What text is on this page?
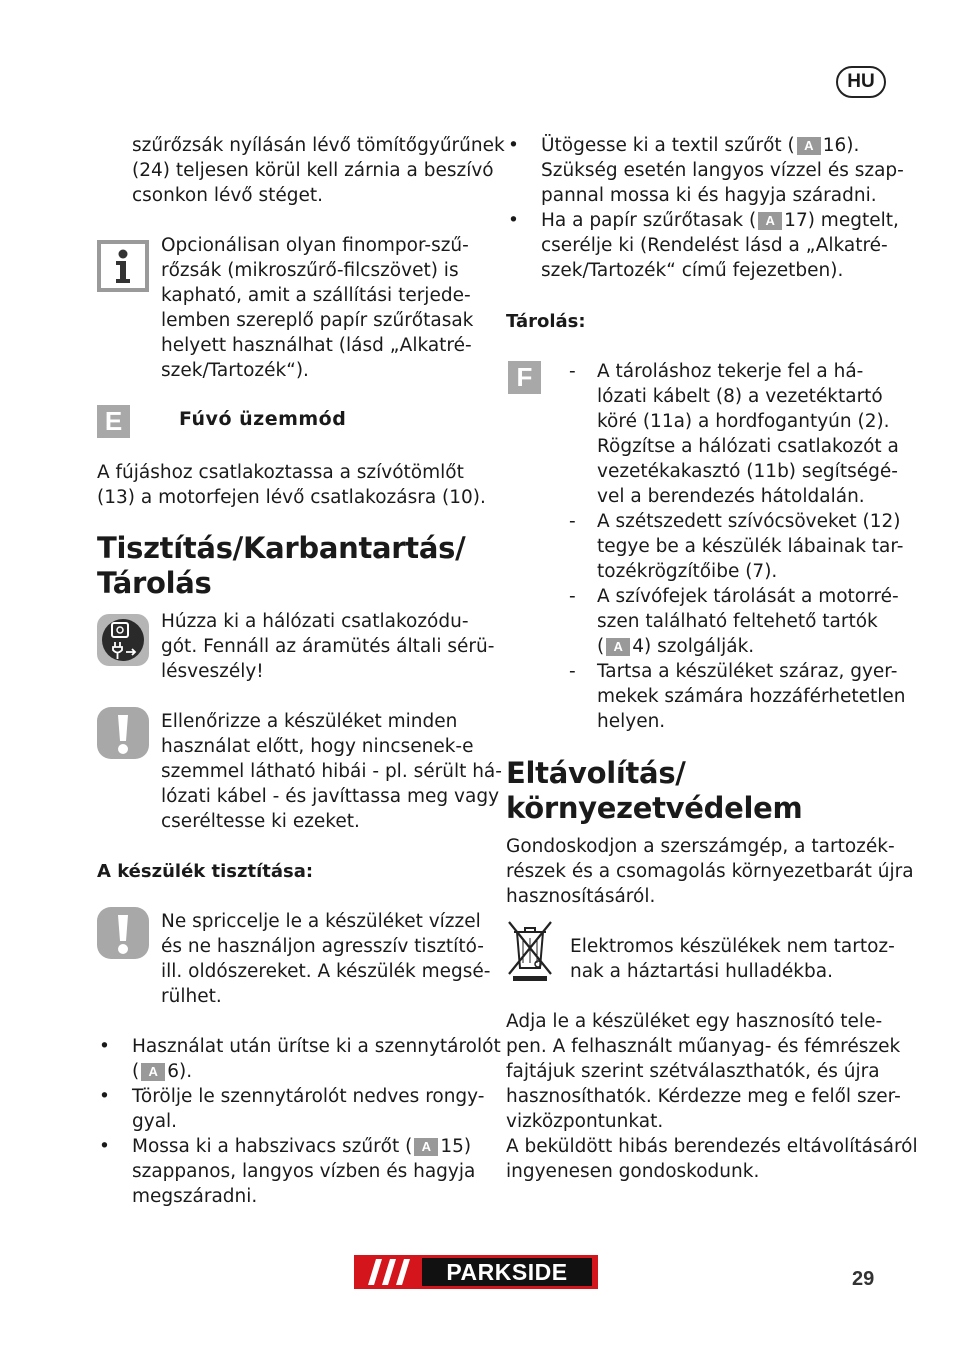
HU
szűrőzsák nyílásán lévő tömítőgyűrűnek
(24) teljesen körül kell zárnia a beszívó
csonkon lévő stéget.
Opcionálisan olyan finompor-szű-
rőzsák (mikroszűrő-filcszövet) is
kapható, amit a szállítási terjede-
lemben szereplő papír szűrőtasak
helyett használhat (lásd „Alkatré-
szek/Tartozék“).
E	Fúvó üzemmód
A fújáshoz csatlakoztassa a szívótömlőt
(13) a motorfejen lévő csatlakozásra (10).
Tisztítás/Karbantartás/
Tárolás
Húzza ki a hálózati csatlakozódu-
gót. Fennáll az áramütés általi sérü-
lésveszély!
Ellenőrizze a készüléket minden
használat előtt, hogy nincsenek-e
szemmel látható hibái - pl. sérült há-
lózati kábel - és javíttassa meg vagy
cseréltesse ki ezeket.
A készülék tisztítása:
Ne spriccelje le a készüléket vízzel
és ne használjon agresszív tisztító-
ill. oldószereket. A készülék megsé-
rülhet.
• Használat után ürítse ki a szennytárolót
( A 6).
• Törölje le szennytárolót nedves rongy-
gyal.
• Mossa ki a habszivacs szűrőt ( A 15)
szappanos, langyos vízben és hagyja
megszáradni.
• Ütögesse ki a textil szűrőt ( A 16).
Szükség esetén langyos vízzel és szap-
pannal mossa ki és hagyja száradni.
• Ha a papír szűrőtasak ( A 17) megtelt,
cserélje ki (Rendelést lásd a „Alkatré-
szek/Tartozék“ című fejezetben).
Tárolás:
F	- A tároláshoz tekerje fel a há-
lózati kábelt (8) a vezetéktartó
köré (11a) a hordfogantyún (2).
Rögzítse a hálózati csatlakozót a
vezetékakasztó (11b) segítségé-
vel a berendezés hátoldalán.
- A szétszedett szívócsöveket (12)
tegye be a készülék lábainak tar-
tozékrögzítőibe (7).
- A szívófejek tárolását a motorré-
szen található feltehető tartók
( A 4) szolgálják.
- Tartsa a készüléket száraz, gyer-
mekek számára hozzáférhetetlen
helyen.
Eltávolítás/
környezetvédelem
Gondoskodjon a szerszámgép, a tartozék-
részek és a csomagolás környezetbarát újra
hasznosításáról.
Elektromos készülékek nem tartoz-
nak a háztartási hulladékba.
Adja le a készüléket egy hasznosító tele-
pen. A felhasznált műanyag- és fémrészek
fajtájuk szerint szétválaszthatók, és újra
hasznosíthatók. Kérdezze meg e felől szer-
vizközpontunkat.
A beküldött hibás berendezés eltávolításáról
ingyenesen gondoskodunk.
PARKSIDE	29
